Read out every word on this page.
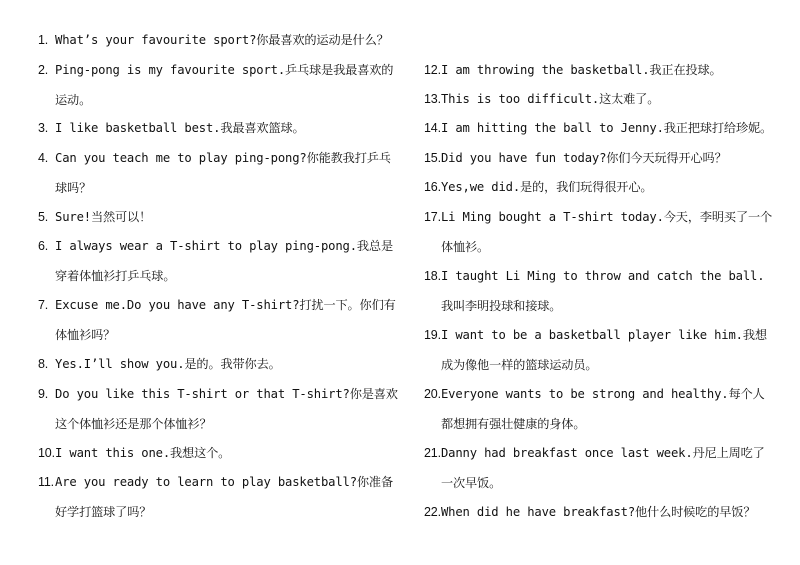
1. What’s your favourite sport?你最喜欢的运动是什么？
2. Ping-pong is my favourite sport.乒乓球是我最喜欢的运动。
3. I like basketball best.我最喜欢篮球。
4. Can you teach me to play ping-pong?你能教我打乒乓球吗？
5. Sure!当然可以！
6. I always wear a T-shirt to play ping-pong.我总是穿着体恤衫打乒乓球。
7. Excuse me.Do you have any T-shirt?打扰一下。你们有体恤衫吗？
8. Yes.I’ll show you.是的。我带你去。
9. Do you like this T-shirt or that T-shirt?你是喜欢这个体恤衫还是那个体恤衫？
10. I want this one.我想这个。
11. Are you ready to learn to play basketball?你准备好学打篮球了吗？
12. I am throwing the basketball.我正在投球。
13. This is too difficult.这太难了。
14. I am hitting the ball to Jenny.我正把球打给珍妮。
15. Did you have fun today?你们今天玩得开心吗？
16. Yes,we did.是的，我们玩得很开心。
17. Li Ming bought a T-shirt today.今天，李明买了一个体恤衫。
18. I taught Li Ming to throw and catch the ball.我叫李明投球和接球。
19. I want to be a basketball player like him.我想成为像他一样的篮球运动员。
20. Everyone wants to be strong and healthy.每个人都想拥有强壮健康的身体。
21. Danny had breakfast once last week.丹尼上周吃了一次早饭。
22. When did he have breakfast?他什么时候吃的早饭？
